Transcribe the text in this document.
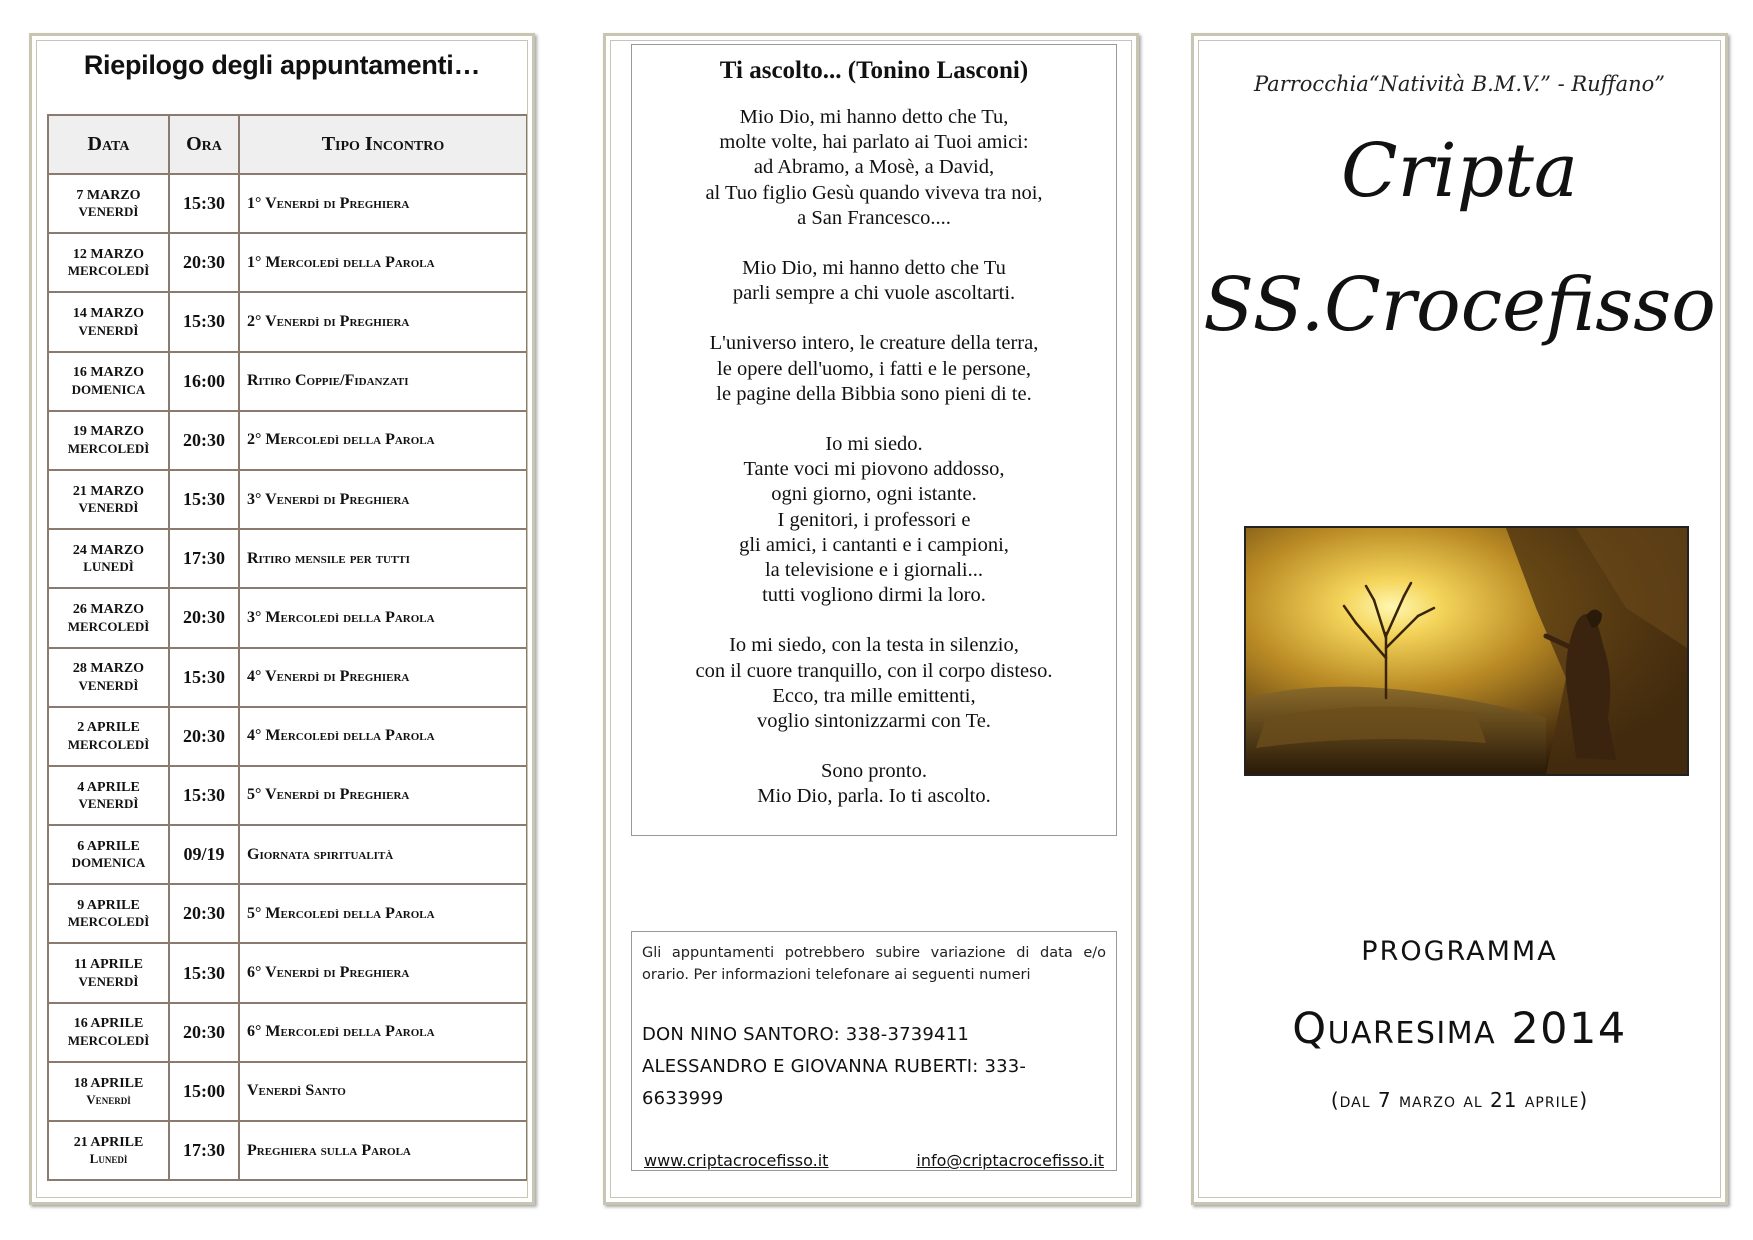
Riepilogo degli appuntamenti…
Data	Ora	Tipo Incontro

7 MARZO
VENERDÌ	15:30	1° Venerdì di Preghiera

12 MARZO
MERCOLEDÌ	20:30	1° Mercoledì della Parola

14 MARZO
VENERDÌ	15:30	2° Venerdì di Preghiera

16 MARZO
DOMENICA	16:00	Ritiro Coppie/Fidanzati

19 MARZO
MERCOLEDÌ	20:30	2° Mercoledì della Parola

21 MARZO
VENERDÌ	15:30	3° Venerdì di Preghiera

24 MARZO
LUNEDÌ	17:30	Ritiro mensile per tutti

26 MARZO
MERCOLEDÌ	20:30	3° Mercoledì della Parola

28 MARZO
VENERDÌ	15:30	4° Venerdì di Preghiera

2 APRILE
MERCOLEDÌ	20:30	4° Mercoledì della Parola

4 APRILE
VENERDÌ	15:30	5° Venerdì di Preghiera

6 APRILE
DOMENICA	09/19	Giornata spiritualità

9 APRILE
MERCOLEDÌ	20:30	5° Mercoledì della Parola

11 APRILE
VENERDÌ	15:30	6° Venerdì di Preghiera

16 APRILE
MERCOLEDÌ	20:30	6° Mercoledì della Parola

18 APRILE
Venerdì	15:00	Venerdì Santo

21 APRILE
Lunedì	17:30	Preghiera sulla Parola
Ti ascolto... (Tonino Lasconi)
Mio Dio, mi hanno detto che Tu,
molte volte, hai parlato ai Tuoi amici:
ad Abramo, a Mosè, a David,
al Tuo figlio Gesù quando viveva tra noi,
a San Francesco....
Mio Dio, mi hanno detto che Tu
parli sempre a chi vuole ascoltarti.
L'universo intero, le creature della terra,
le opere dell'uomo, i fatti e le persone,
le pagine della Bibbia sono pieni di te.
Io mi siedo.
Tante voci mi piovono addosso,
ogni giorno, ogni istante.
I genitori, i professori e
gli amici, i cantanti e i campioni,
la televisione e i giornali...
tutti vogliono dirmi la loro.
Io mi siedo, con la testa in silenzio,
con il cuore tranquillo, con il corpo disteso.
Ecco, tra mille emittenti,
voglio sintonizzarmi con Te.
Sono pronto.
Mio Dio, parla. Io ti ascolto.
Gli appuntamenti potrebbero subire variazione di data e/o orario. Per informazioni telefonare ai seguenti numeri
DON NINO SANTORO: 338-3739411
ALESSANDRO E GIOVANNA RUBERTI: 333-6633999
www.criptacrocefisso.it	info@criptacrocefisso.it
Parrocchia“Natività B.M.V.” - Ruffano”
Cripta
SS.Crocefisso
PROGRAMMA
Quaresima 2014
(dal 7 marzo al 21 aprile)
